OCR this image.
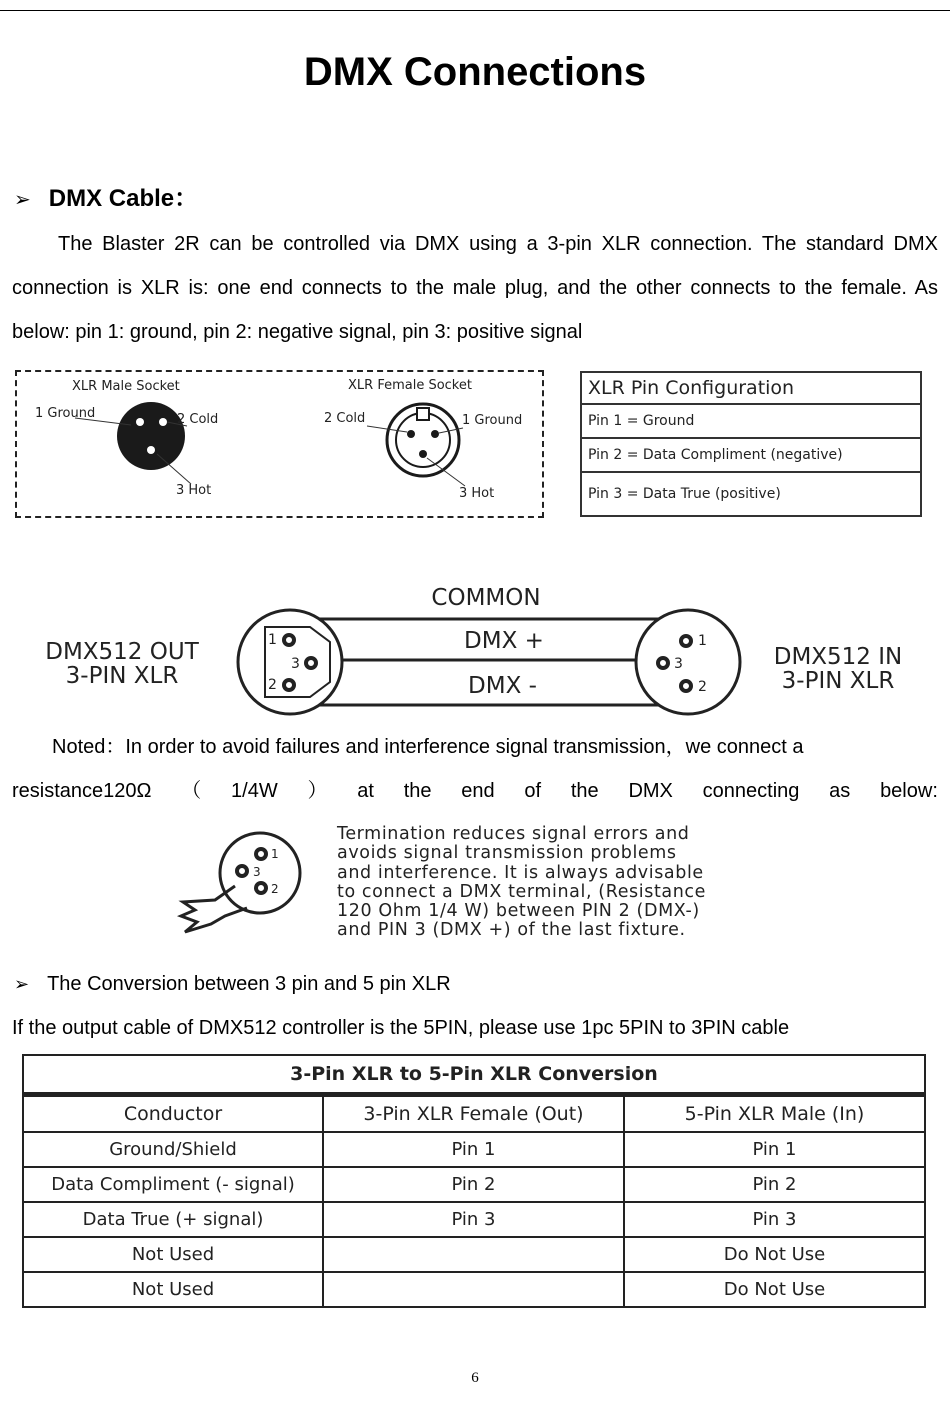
DMX Connections
➢ DMX Cable：
The Blaster 2R can be controlled via DMX using a 3-pin XLR connection. The standard DMX connection is XLR is: one end connects to the male plug, and the other connects to the female. As below: pin 1: ground, pin 2: negative signal, pin 3: positive signal
XLR Male Socket	XLR Female Socket
1 Ground	2 Cold
3 Hot
2 Cold	1 Ground
3 Hot
XLR Pin Configuration
Pin 1 = Ground
Pin 2 = Data Compliment (negative)
Pin 3 = Data True (positive)
COMMON
DMX +
DMX -
DMX512 OUT
3-PIN XLR
DMX512 IN
3-PIN XLR
1
3
2
1
3
2
Noted：In order to avoid failures and interference signal transmission，we connect a
resistance120Ω （ 1/4W ） at the end of the DMX connecting as below:
1
3
2
Termination reduces signal errors and
avoids signal transmission problems
and interference. It is always advisable
to connect a DMX terminal, (Resistance
120 Ohm 1/4 W) between PIN 2 (DMX-)
and PIN 3 (DMX +) of the last fixture.
➢ The Conversion between 3 pin and 5 pin XLR
If the output cable of DMX512 controller is the 5PIN, please use 1pc 5PIN to 3PIN cable
3-Pin XLR to 5-Pin XLR Conversion		
Conductor	3-Pin XLR Female (Out)	5-Pin XLR Male (In)
Ground/Shield	Pin 1	Pin 1
Data Compliment (- signal)	Pin 2	Pin 2
Data True (+ signal)	Pin 3	Pin 3
Not Used		Do Not Use
Not Used		Do Not Use
6
